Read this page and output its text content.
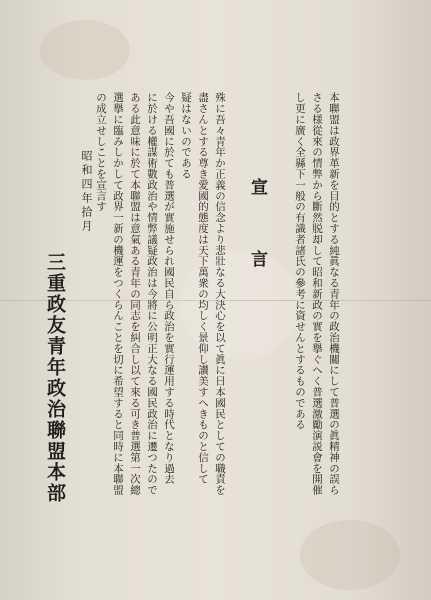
本聯盟は政界革新を目的とする純眞なる青年の政治機關にして普選の眞精神の誤ら
さる様從來の情弊から斷然脱却して昭和新政の實を擧ぐへく普選激勵演説會を開催
し更に廣く全縣下一般の有識者諸氏の參考に資せんとするものである
宣　言
殊に吾々青年か正義の信念より悲壯なる大決心を以て眞に日本國民としての職責を
盡さんとする尊き愛國的態度は天下萬衆の均しく景仰し讃美すへきものと信して
疑はないのである
今や吾國に於ても普選が實施せられ國民自ら政治を實行運用する時代となり過去
に於ける權謀術數政治や情弊議疑政治は今將に公明正大なる國民政治に遷つたので
ある此意味に於て本聯盟は意氣ある青年の同志を糾合し以て來る可き普選第一次總
選擧に臨みしかして政界一新の機運をつくらんことを切に希望すると同時に本聯盟
の成立せしことを宣言す
昭和四年拾月
三重政友青年政治聯盟本部
